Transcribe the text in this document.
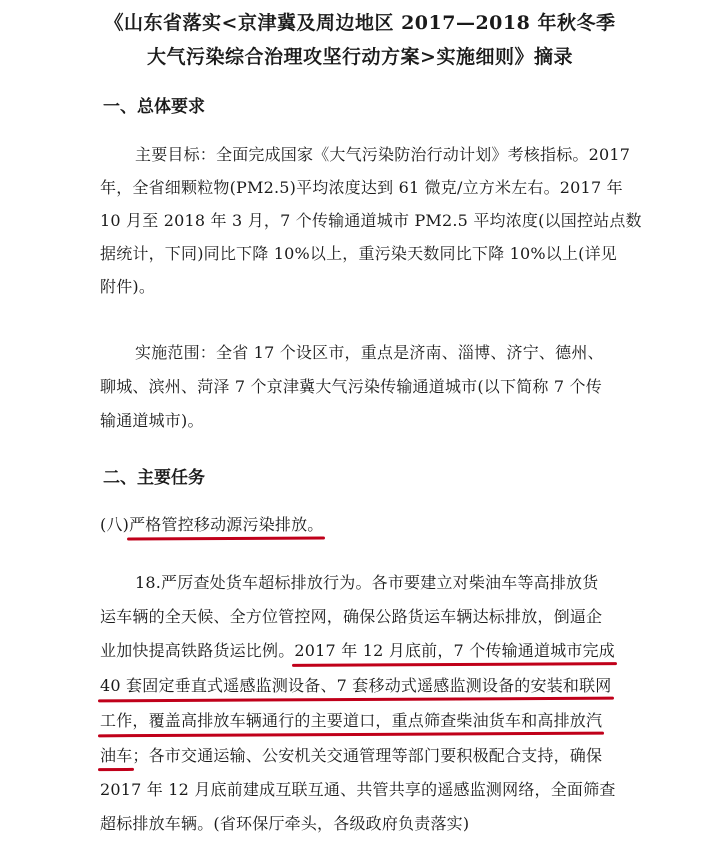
《山东省落实<京津冀及周边地区 2017—2018 年秋冬季
大气污染综合治理攻坚行动方案>实施细则》摘录
一、总体要求
主要目标：全面完成国家《大气污染防治行动计划》考核指标。2017
年，全省细颗粒物(PM2.5)平均浓度达到 61 微克/立方米左右。2017 年
10 月至 2018 年 3 月，7 个传输通道城市 PM2.5 平均浓度(以国控站点数
据统计，下同)同比下降 10%以上，重污染天数同比下降 10%以上(详见
附件)。
实施范围：全省 17 个设区市，重点是济南、淄博、济宁、德州、
聊城、滨州、菏泽 7 个京津冀大气污染传输通道城市(以下简称 7 个传
输通道城市)。
二、主要任务
(八)严格管控移动源污染排放。
18.严厉查处货车超标排放行为。各市要建立对柴油车等高排放货
运车辆的全天候、全方位管控网，确保公路货运车辆达标排放，倒逼企
业加快提高铁路货运比例。2017 年 12 月底前，7 个传输通道城市完成
40 套固定垂直式遥感监测设备、7 套移动式遥感监测设备的安装和联网
工作，覆盖高排放车辆通行的主要道口，重点筛查柴油货车和高排放汽
油车；各市交通运输、公安机关交通管理等部门要积极配合支持，确保
2017 年 12 月底前建成互联互通、共管共享的遥感监测网络，全面筛查
超标排放车辆。(省环保厅牵头，各级政府负责落实)
